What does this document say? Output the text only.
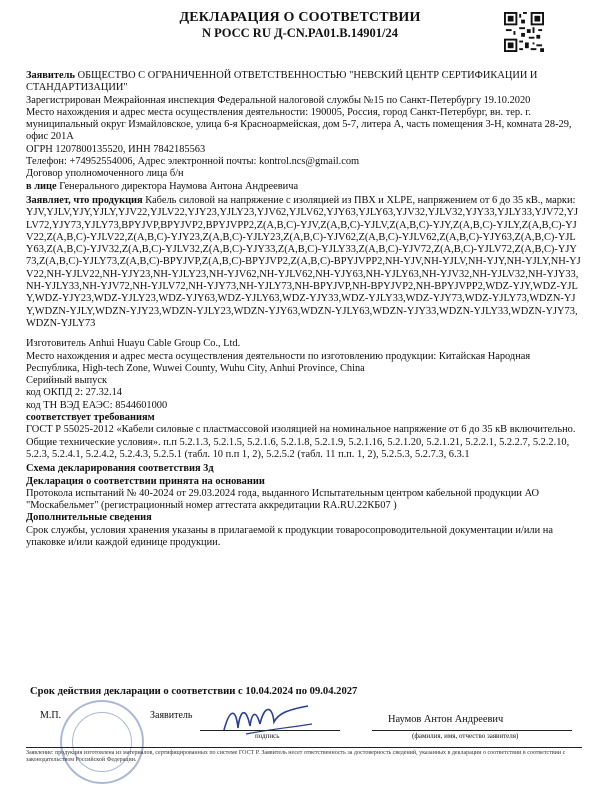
ДЕКЛАРАЦИЯ О СООТВЕТСТВИИ
N РОСС RU Д-CN.PA01.B.14901/24

Заявитель ОБЩЕСТВО С ОГРАНИЧЕННОЙ ОТВЕТСТВЕННОСТЬЮ "НЕВСКИЙ ЦЕНТР СЕРТИФИКАЦИИ И СТАНДАРТИЗАЦИИ"

Зарегистрирован Межрайонная инспекция Федеральной налоговой службы №15 по Санкт-Петербургу 19.10.2020

Место нахождения и адрес места осуществления деятельности: 190005, Россия, город Санкт-Петербург, вн. тер. г. муниципальный округ Измайловское, улица 6-я Красноармейская, дом 5-7, литера А, часть помещения 3-Н, комната 28-29, офис 201А

ОГРН 1207800135520, ИНН 7842185563

Телефон: +74952554006, Адрес электронной почты: kontrol.ncs@gmail.com

Договор уполномоченного лица б/н

в лице Генерального директора Наумова Антона Андреевича

Заявляет, что продукция Кабель силовой на напряжение с изоляцией из ПВХ и XLPE, напряжением от 6 до 35 кВ., марки:

YJV,YJLV,YJY,YJLY,YJV22,YJLV22,YJY23,YJLY23,YJV62,YJLV62,YJY63,YJLY63,YJV32,YJLV32,YJY33,YJLY33,YJV72,YJLV72,YJY73,YJLY73,BPYJVP,BPYJVP2,BPYJVPP2,Z(A,B,C)-YJV,Z(A,B,C)-YJLV,Z(A,B,C)-YJY,Z(A,B,C)-YJLY,Z(A,B,C)-YJV22,Z(A,B,C)-YJLV22,Z(A,B,C)-YJY23,Z(A,B,C)-YJLY23,Z(A,B,C)-YJV62,Z(A,B,C)-YJLV62,Z(A,B,C)-YJY63,Z(A,B,C)-YJLY63,Z(A,B,C)-YJV32,Z(A,B,C)-YJLV32,Z(A,B,C)-YJY33,Z(A,B,C)-YJLY33,Z(A,B,C)-YJV72,Z(A,B,C)-YJLV72,Z(A,B,C)-YJY73,Z(A,B,C)-YJLY73,Z(A,B,C)-BPYJVP,Z(A,B,C)-BPYJVP2,Z(A,B,C)-BPYJVPP2,NH-YJV,NH-YJLV,NH-YJY,NH-YJLY,NH-YJV22,NH-YJLV22,NH-YJY23,NH-YJLY23,NH-YJV62,NH-YJLV62,NH-YJY63,NH-YJLY63,NH-YJV32,NH-YJLV32,NH-YJY33,NH-YJLY33,NH-YJV72,NH-YJLV72,NH-YJY73,NH-YJLY73,NH-BPYJVP,NH-BPYJVP2,NH-BPYJVPP2,WDZ-YJY,WDZ-YJLY,WDZ-YJY23,WDZ-YJLY23,WDZ-YJY63,WDZ-YJLY63,WDZ-YJY33,WDZ-YJLY33,WDZ-YJY73,WDZ-YJLY73,WDZN-YJY,WDZN-YJLY,WDZN-YJY23,WDZN-YJLY23,WDZN-YJY63,WDZN-YJLY63,WDZN-YJY33,WDZN-YJLY33,WDZN-YJY73,WDZN-YJLY73

Изготовитель Anhui Huayu Cable Group Co., Ltd.

Место нахождения и адрес места осуществления деятельности по изготовлению продукции: Китайская Народная Республика, High-tech Zone, Wuwei County, Wuhu City, Anhui Province, China

Серийный выпуск

код ОКПД 2: 27.32.14

код ТН ВЭД ЕАЭС: 8544601000

соответствует требованиям

ГОСТ Р 55025-2012 «Кабели силовые с пластмассовой изоляцией на номинальное напряжение от 6 до 35 кВ включительно. Общие технические условия». п.п 5.2.1.3, 5.2.1.5, 5.2.1.6, 5.2.1.8, 5.2.1.9, 5.2.1.16, 5.2.1.20, 5.2.1.21, 5.2.2.1, 5.2.2.7, 5.2.2.10, 5.2.3, 5.2.4.1, 5.2.4.2, 5.2.4.3, 5.2.5.1 (табл. 10 п.п 1, 2), 5.2.5.2 (табл. 11 п.п. 1, 2), 5.2.5.3, 5.2.7.3, 6.3.1

Схема декларирования соответствия 3д

Декларация о соответствии принята на основании

Протокола испытаний № 40-2024 от 29.03.2024 года, выданного Испытательным центром кабельной продукции АО "Москабельмет" (регистрационный номер аттестата аккредитации RA.RU.22КБ07 )

Дополнительные сведения

Срок службы, условия хранения указаны в прилагаемой к продукции товаросопроводительной документации и/или на упаковке и/или каждой единице продукции.

Срок действия декларации о соответствии с 10.04.2024 по 09.04.2027
М.П.	Заявитель
подпись
Наумов Антон Андреевич
(фамилия, имя, отчество заявителя)
Заявление: продукция изготовлена из материалов, сертифицированных по системе ГОСТ Р. Заявитель несет ответственность за достоверность сведений, указанных в декларации о соответствии в соответствии с законодательством Российской Федерации.
